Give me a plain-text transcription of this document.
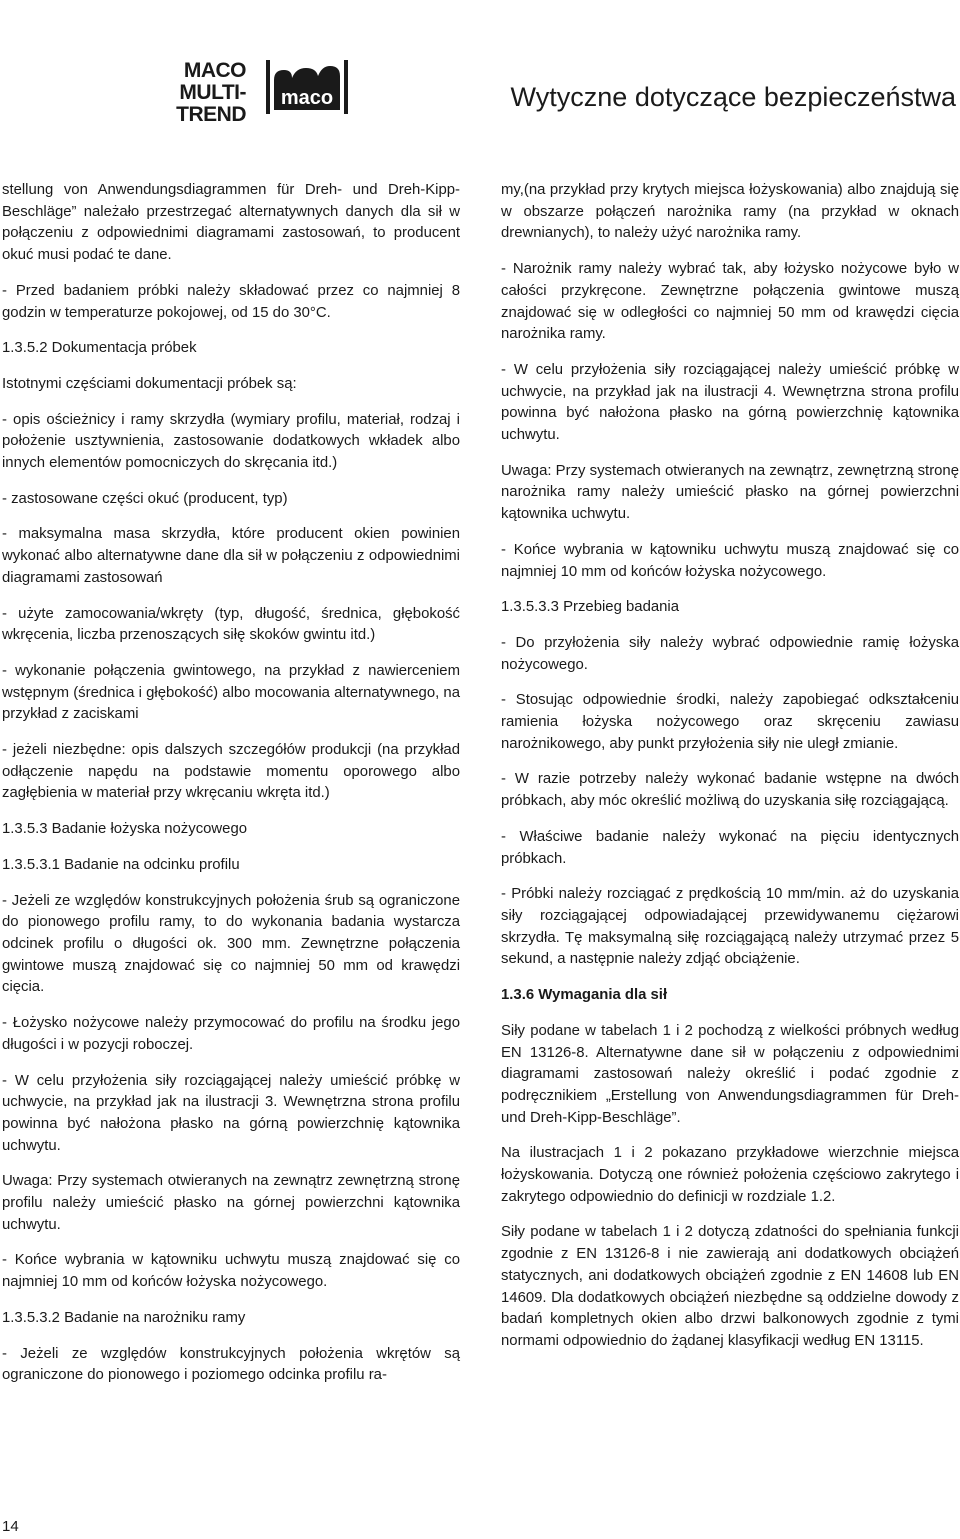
MACO
MULTI-TREND
maco	Wytyczne dotyczące bezpieczeństwa

stellung von Anwendungsdiagrammen für Dreh- und Dreh-Kipp-Beschläge” należało przestrzegać alternatywnych danych dla sił w połączeniu z odpowiednimi diagramami zastosowań, to producent okuć musi podać te dane.

- Przed badaniem próbki należy składować przez co najmniej 8 godzin w temperaturze pokojowej, od 15 do 30°C.

1.3.5.2 Dokumentacja próbek

Istotnymi częściami dokumentacji próbek są:

- opis ościeżnicy i ramy skrzydła (wymiary profilu, materiał, rodzaj i położenie usztywnienia, zastosowanie dodatkowych wkładek albo innych elementów pomocniczych do skręcania itd.)

- zastosowane części okuć (producent, typ)

- maksymalna masa skrzydła, które producent okien powinien wykonać albo alternatywne dane dla sił w połączeniu z odpowiednimi diagramami zastosowań

- użyte zamocowania/wkręty (typ, długość, średnica, głębokość wkręcenia, liczba przenoszących siłę skoków gwintu itd.)

- wykonanie połączenia gwintowego, na przykład z nawierceniem wstępnym (średnica i głębokość) albo mocowania alternatywnego, na przykład z zaciskami

- jeżeli niezbędne: opis dalszych szczegółów produkcji (na przykład odłączenie napędu na podstawie momentu oporowego albo zagłębienia w materiał przy wkręcaniu wkręta itd.)

1.3.5.3 Badanie łożyska nożycowego

1.3.5.3.1 Badanie na odcinku profilu

- Jeżeli ze względów konstrukcyjnych położenia śrub są ograniczone do pionowego profilu ramy, to do wykonania badania wystarcza odcinek profilu o długości ok. 300 mm. Zewnętrzne połączenia gwintowe muszą znajdować się co najmniej 50 mm od krawędzi cięcia.

- Łożysko nożycowe należy przymocować do profilu na środku jego długości i w pozycji roboczej.

- W celu przyłożenia siły rozciągającej należy umieścić próbkę w uchwycie, na przykład jak na ilustracji 3. Wewnętrzna strona profilu powinna być nałożona płasko na górną powierzchnię kątownika uchwytu.

Uwaga: Przy systemach otwieranych na zewnątrz zewnętrzną stronę profilu należy umieścić płasko na górnej powierzchni kątownika uchwytu.

- Końce wybrania w kątowniku uchwytu muszą znajdować się co najmniej 10 mm od końców łożyska nożycowego.

1.3.5.3.2 Badanie na narożniku ramy

- Jeżeli ze względów konstrukcyjnych położenia wkrętów są ograniczone do pionowego i poziomego odcinka profilu ra-

my,(na przykład przy krytych miejsca łożyskowania) albo znajdują się w obszarze połączeń narożnika ramy (na przykład w oknach drewnianych), to należy użyć narożnika ramy.

- Narożnik ramy należy wybrać tak, aby łożysko nożycowe było w całości przykręcone. Zewnętrzne połączenia gwintowe muszą znajdować się w odległości co najmniej 50 mm od krawędzi cięcia narożnika ramy.

- W celu przyłożenia siły rozciągającej należy umieścić próbkę w uchwycie, na przykład jak na ilustracji 4. Wewnętrzna strona profilu powinna być nałożona płasko na górną powierzchnię kątownika uchwytu.

Uwaga: Przy systemach otwieranych na zewnątrz, zewnętrzną stronę narożnika ramy należy umieścić płasko na górnej powierzchni kątownika uchwytu.

- Końce wybrania w kątowniku uchwytu muszą znajdować się co najmniej 10 mm od końców łożyska nożycowego.

1.3.5.3.3 Przebieg badania

- Do przyłożenia siły należy wybrać odpowiednie ramię łożyska nożycowego.

- Stosując odpowiednie środki, należy zapobiegać odkształceniu ramienia łożyska nożycowego oraz skręceniu zawiasu narożnikowego, aby punkt przyłożenia siły nie uległ zmianie.

- W razie potrzeby należy wykonać badanie wstępne na dwóch próbkach, aby móc określić możliwą do uzyskania siłę rozciągającą.

- Właściwe badanie należy wykonać na pięciu identycznych próbkach.

- Próbki należy rozciągać z prędkością 10 mm/min. aż do uzyskania siły rozciągającej odpowiadającej przewidywanemu ciężarowi skrzydła. Tę maksymalną siłę rozciągającą należy utrzymać przez 5 sekund, a następnie należy zdjąć obciążenie.

1.3.6 Wymagania dla sił

Siły podane w tabelach 1 i 2 pochodzą z wielkości próbnych według EN 13126-8. Alternatywne dane sił w połączeniu z odpowiednimi diagramami zastosowań należy określić i podać zgodnie z podręcznikiem „Erstellung von Anwendungsdiagrammen für Dreh- und Dreh-Kipp-Beschläge”.

Na ilustracjach 1 i 2 pokazano przykładowe wierzchnie miejsca łożyskowania. Dotyczą one również położenia częściowo zakrytego i zakrytego odpowiednio do definicji w rozdziale 1.2.

Siły podane w tabelach 1 i 2 dotyczą zdatności do spełniania funkcji zgodnie z EN 13126-8 i nie zawierają ani dodatkowych obciążeń statycznych, ani dodatkowych obciążeń zgodnie z EN 14608 lub EN 14609. Dla dodatkowych obciążeń niezbędne są oddzielne dowody z badań kompletnych okien albo drzwi balkonowych zgodnie z tymi normami odpowiednio do żądanej klasyfikacji według EN 13115.

14
